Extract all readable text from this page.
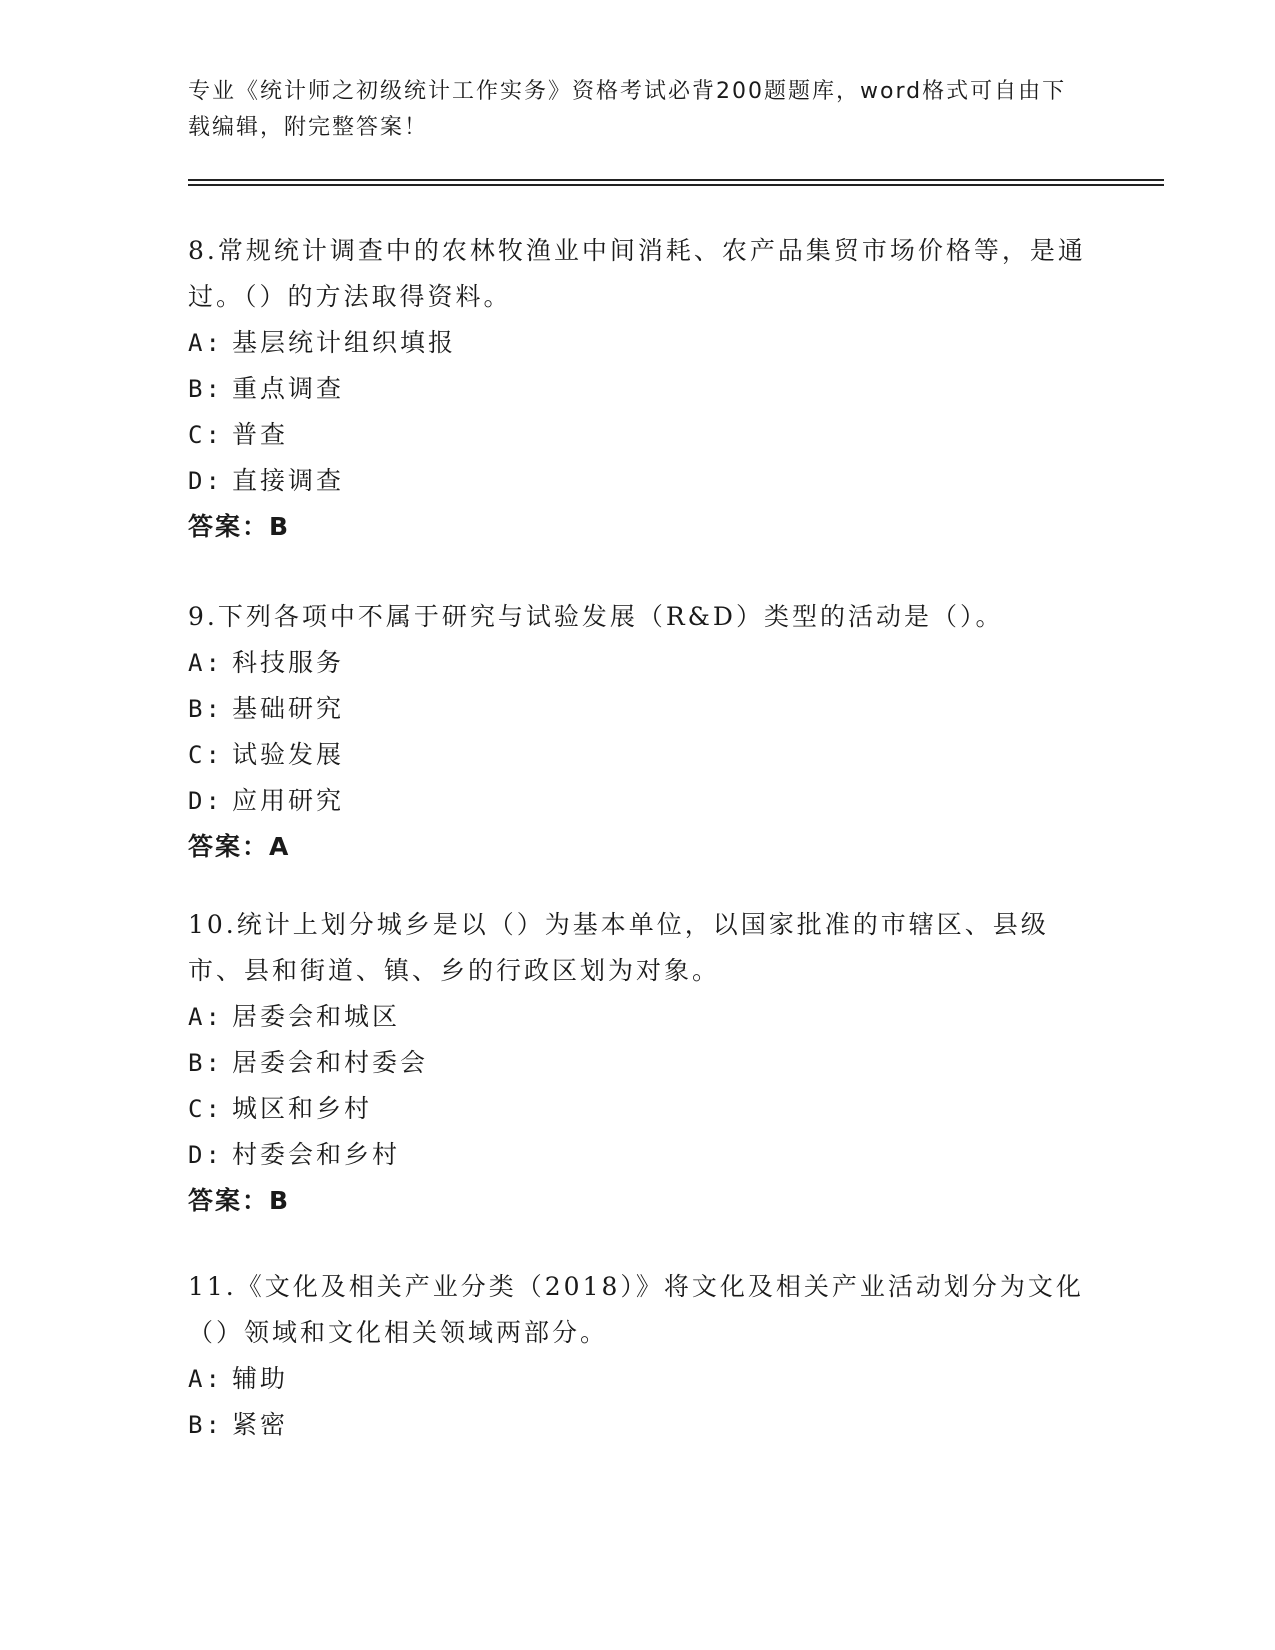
专业《统计师之初级统计工作实务》资格考试必背200题题库，word格式可自由下载编辑，附完整答案！

8.常规统计调查中的农林牧渔业中间消耗、农产品集贸市场价格等，是通过。（）的方法取得资料。

A: 基层统计组织填报
B: 重点调查
C: 普查
D: 直接调查
答案：B

9.下列各项中不属于研究与试验发展（R&D）类型的活动是（）。

A: 科技服务
B: 基础研究
C: 试验发展
D: 应用研究
答案：A

10.统计上划分城乡是以（）为基本单位，以国家批准的市辖区、县级市、县和街道、镇、乡的行政区划为对象。

A: 居委会和城区
B: 居委会和村委会
C: 城区和乡村
D: 村委会和乡村
答案：B

11.《文化及相关产业分类（2018）》将文化及相关产业活动划分为文化（）领域和文化相关领域两部分。

A: 辅助
B: 紧密
